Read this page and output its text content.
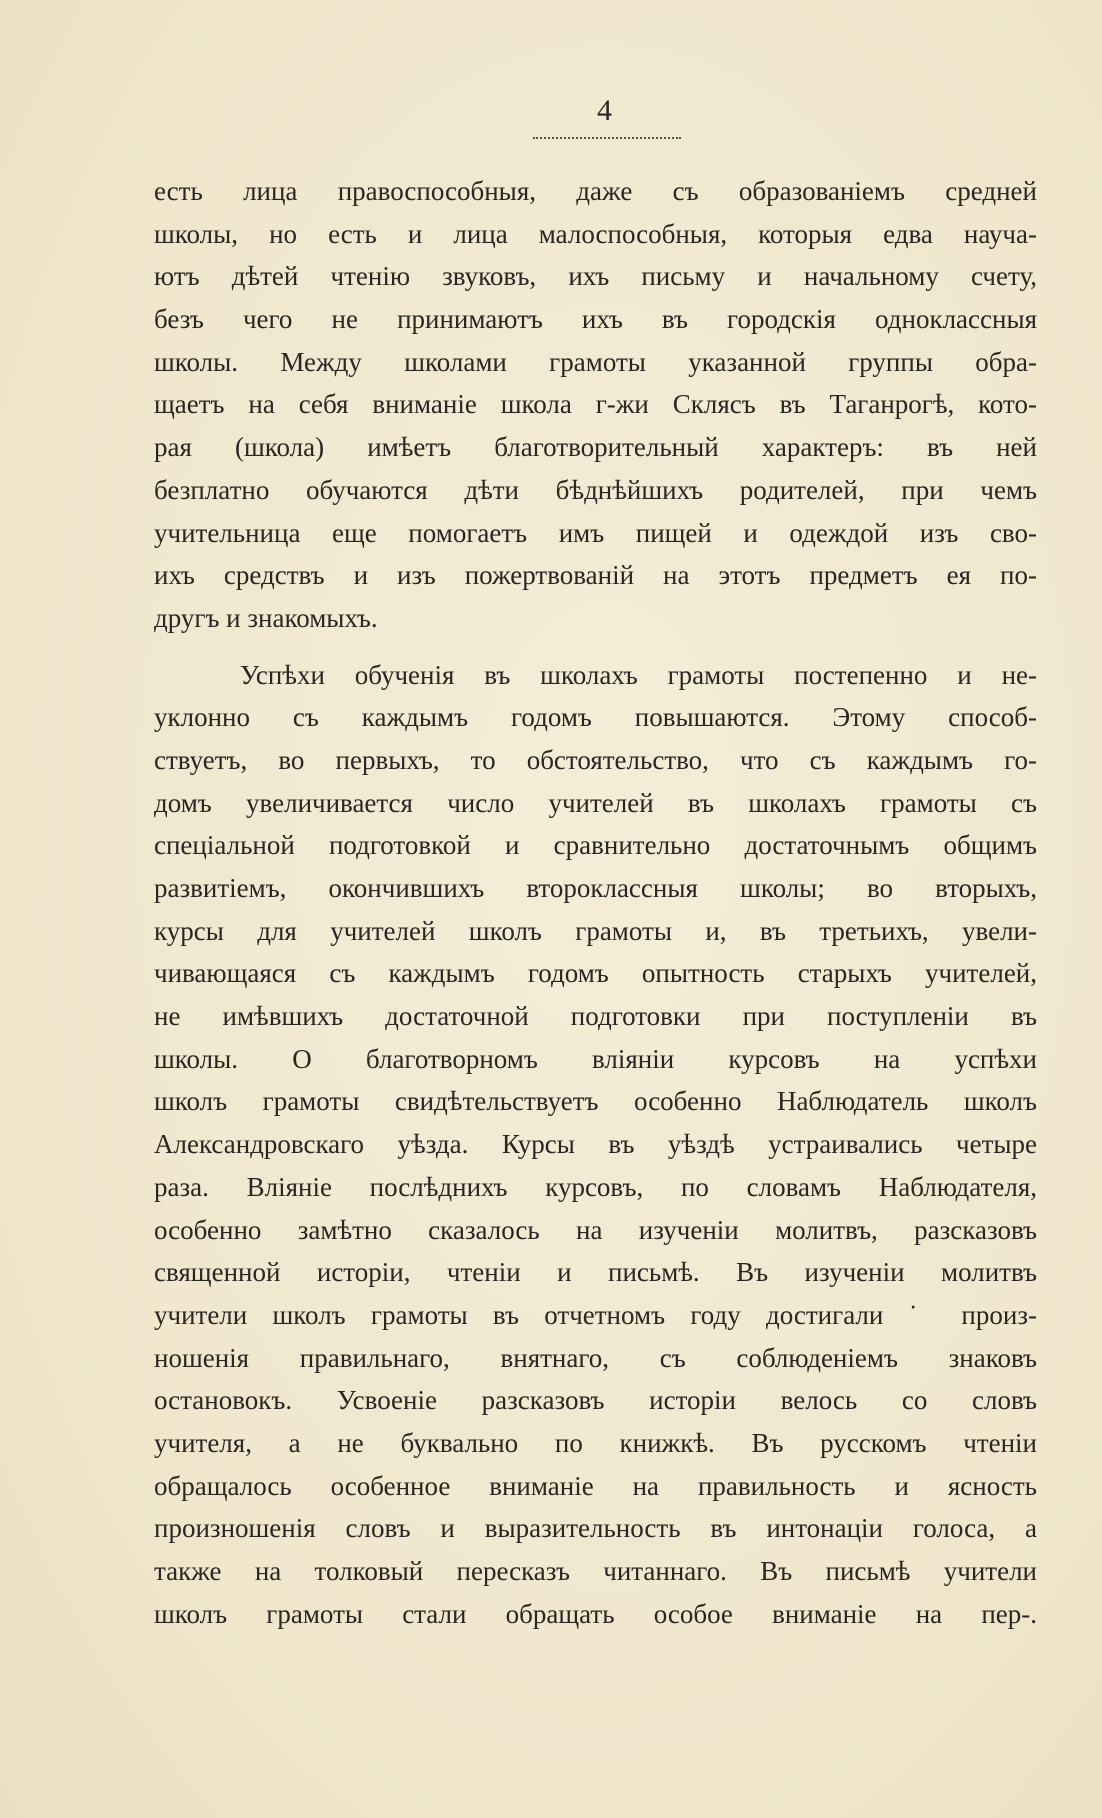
4
есть лица правоспособныя, даже съ образованіемъ средней
школы, но есть и лица малоспособныя, которыя едва научa-
ютъ дѣтей чтенію звуковъ, ихъ письму и начальному счету,
безъ чего не принимаютъ ихъ въ городскія одноклассныя
школы. Между школами грамоты указанной группы обра-
щаетъ на себя вниманіе школа г-жи Склясъ въ Таганрогѣ, кото-
рая (школа) имѣетъ благотворительный характеръ: въ ней
безплатно обучаются дѣти бѣднѣйшихъ родителей, при чемъ
учительница еще помогаетъ имъ пищей и одеждой изъ сво-
ихъ средствъ и изъ пожертвованій на этотъ предметъ ея по-
другъ и знакомыхъ.
Успѣхи обученія въ школахъ грамоты постепенно и не-
уклонно съ каждымъ годомъ повышаются. Этому способ-
ствуетъ, во первыхъ, то обстоятельство, что съ каждымъ го-
домъ увеличивается число учителей въ школахъ грамоты съ
спеціальной подготовкой и сравнительно достаточнымъ общимъ
развитіемъ, окончившихъ второклассныя школы; во вторыхъ,
курсы для учителей школъ грамоты и, въ третьихъ, увели-
чивающаяся съ каждымъ годомъ опытность старыхъ учителей,
не имѣвшихъ достаточной подготовки при поступленіи въ
школы. О благотворномъ вліяніи курсовъ на успѣхи
школъ грамоты свидѣтельствуетъ особенно Наблюдатель школъ
Александровскаго уѣзда. Курсы въ уѣздѣ устраивались четыре
раза. Вліяніе послѣднихъ курсовъ, по словамъ Наблюдателя,
особенно замѣтно сказалось на изученіи молитвъ, разсказовъ
священной исторіи, чтеніи и письмѣ. Въ изученіи молитвъ
учители школъ грамоты въ отчетномъ году достигали ˙ произ-
ношенія правильнаго, внятнаго, съ соблюденіемъ знаковъ
остановокъ. Усвоеніе разсказовъ исторіи велось со словъ
учителя, а не буквально по книжкѣ. Въ русскомъ чтеніи
обращалось особенное вниманіе на правильность и ясность
произношенія словъ и выразительность въ интонаціи голоса, а
также на толковый пересказъ читаннаго. Въ письмѣ учители
школъ грамоты стали обращать особое вниманіе на пер-.
